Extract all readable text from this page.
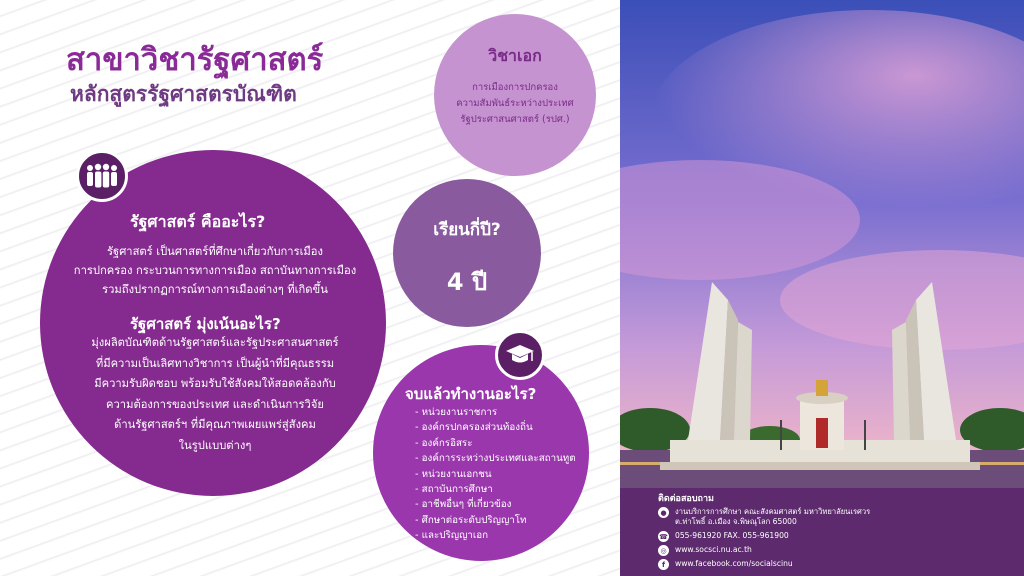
สาขาวิชารัฐศาสตร์
หลักสูตรรัฐศาสตรบัณฑิต
รัฐศาสตร์ คืออะไร?
รัฐศาสตร์ เป็นศาสตร์ที่ศึกษาเกี่ยวกับการเมือง
การปกครอง กระบวนการทางการเมือง สถาบันทางการเมือง
รวมถึงปรากฏการณ์ทางการเมืองต่างๆ ที่เกิดขึ้น
รัฐศาสตร์ มุ่งเน้นอะไร?
มุ่งผลิตบัณฑิตด้านรัฐศาสตร์และรัฐประศาสนศาสตร์
ที่มีความเป็นเลิศทางวิชาการ เป็นผู้นำที่มีคุณธรรม
มีความรับผิดชอบ พร้อมรับใช้สังคมให้สอดคล้องกับ
ความต้องการของประเทศ และดำเนินการวิจัย
ด้านรัฐศาสตร์ฯ ที่มีคุณภาพเผยแพร่สู่สังคม
ในรูปแบบต่างๆ
วิชาเอก
การเมืองการปกครอง
ความสัมพันธ์ระหว่างประเทศ
รัฐประศาสนศาสตร์ (รปศ.)
เรียนกี่ปี?
4 ปี
จบแล้วทำงานอะไร?
- หน่วยงานราชการ
- องค์กรปกครองส่วนท้องถิ่น
- องค์กรอิสระ
- องค์การระหว่างประเทศและสถานทูต
- หน่วยงานเอกชน
- สถาบันการศึกษา
- อาชีพอื่นๆ ที่เกี่ยวข้อง
- ศึกษาต่อระดับปริญญาโท
- และปริญญาเอก
ติดต่อสอบถาม
●	งานบริการการศึกษา คณะสังคมศาสตร์ มหาวิทยาลัยนเรศวร
ต.ท่าโพธิ์ อ.เมือง จ.พิษณุโลก 65000
☎ 055-961920 FAX. 055-961900
◎	www.socsci.nu.ac.th
f	www.facebook.com/socialscinu
